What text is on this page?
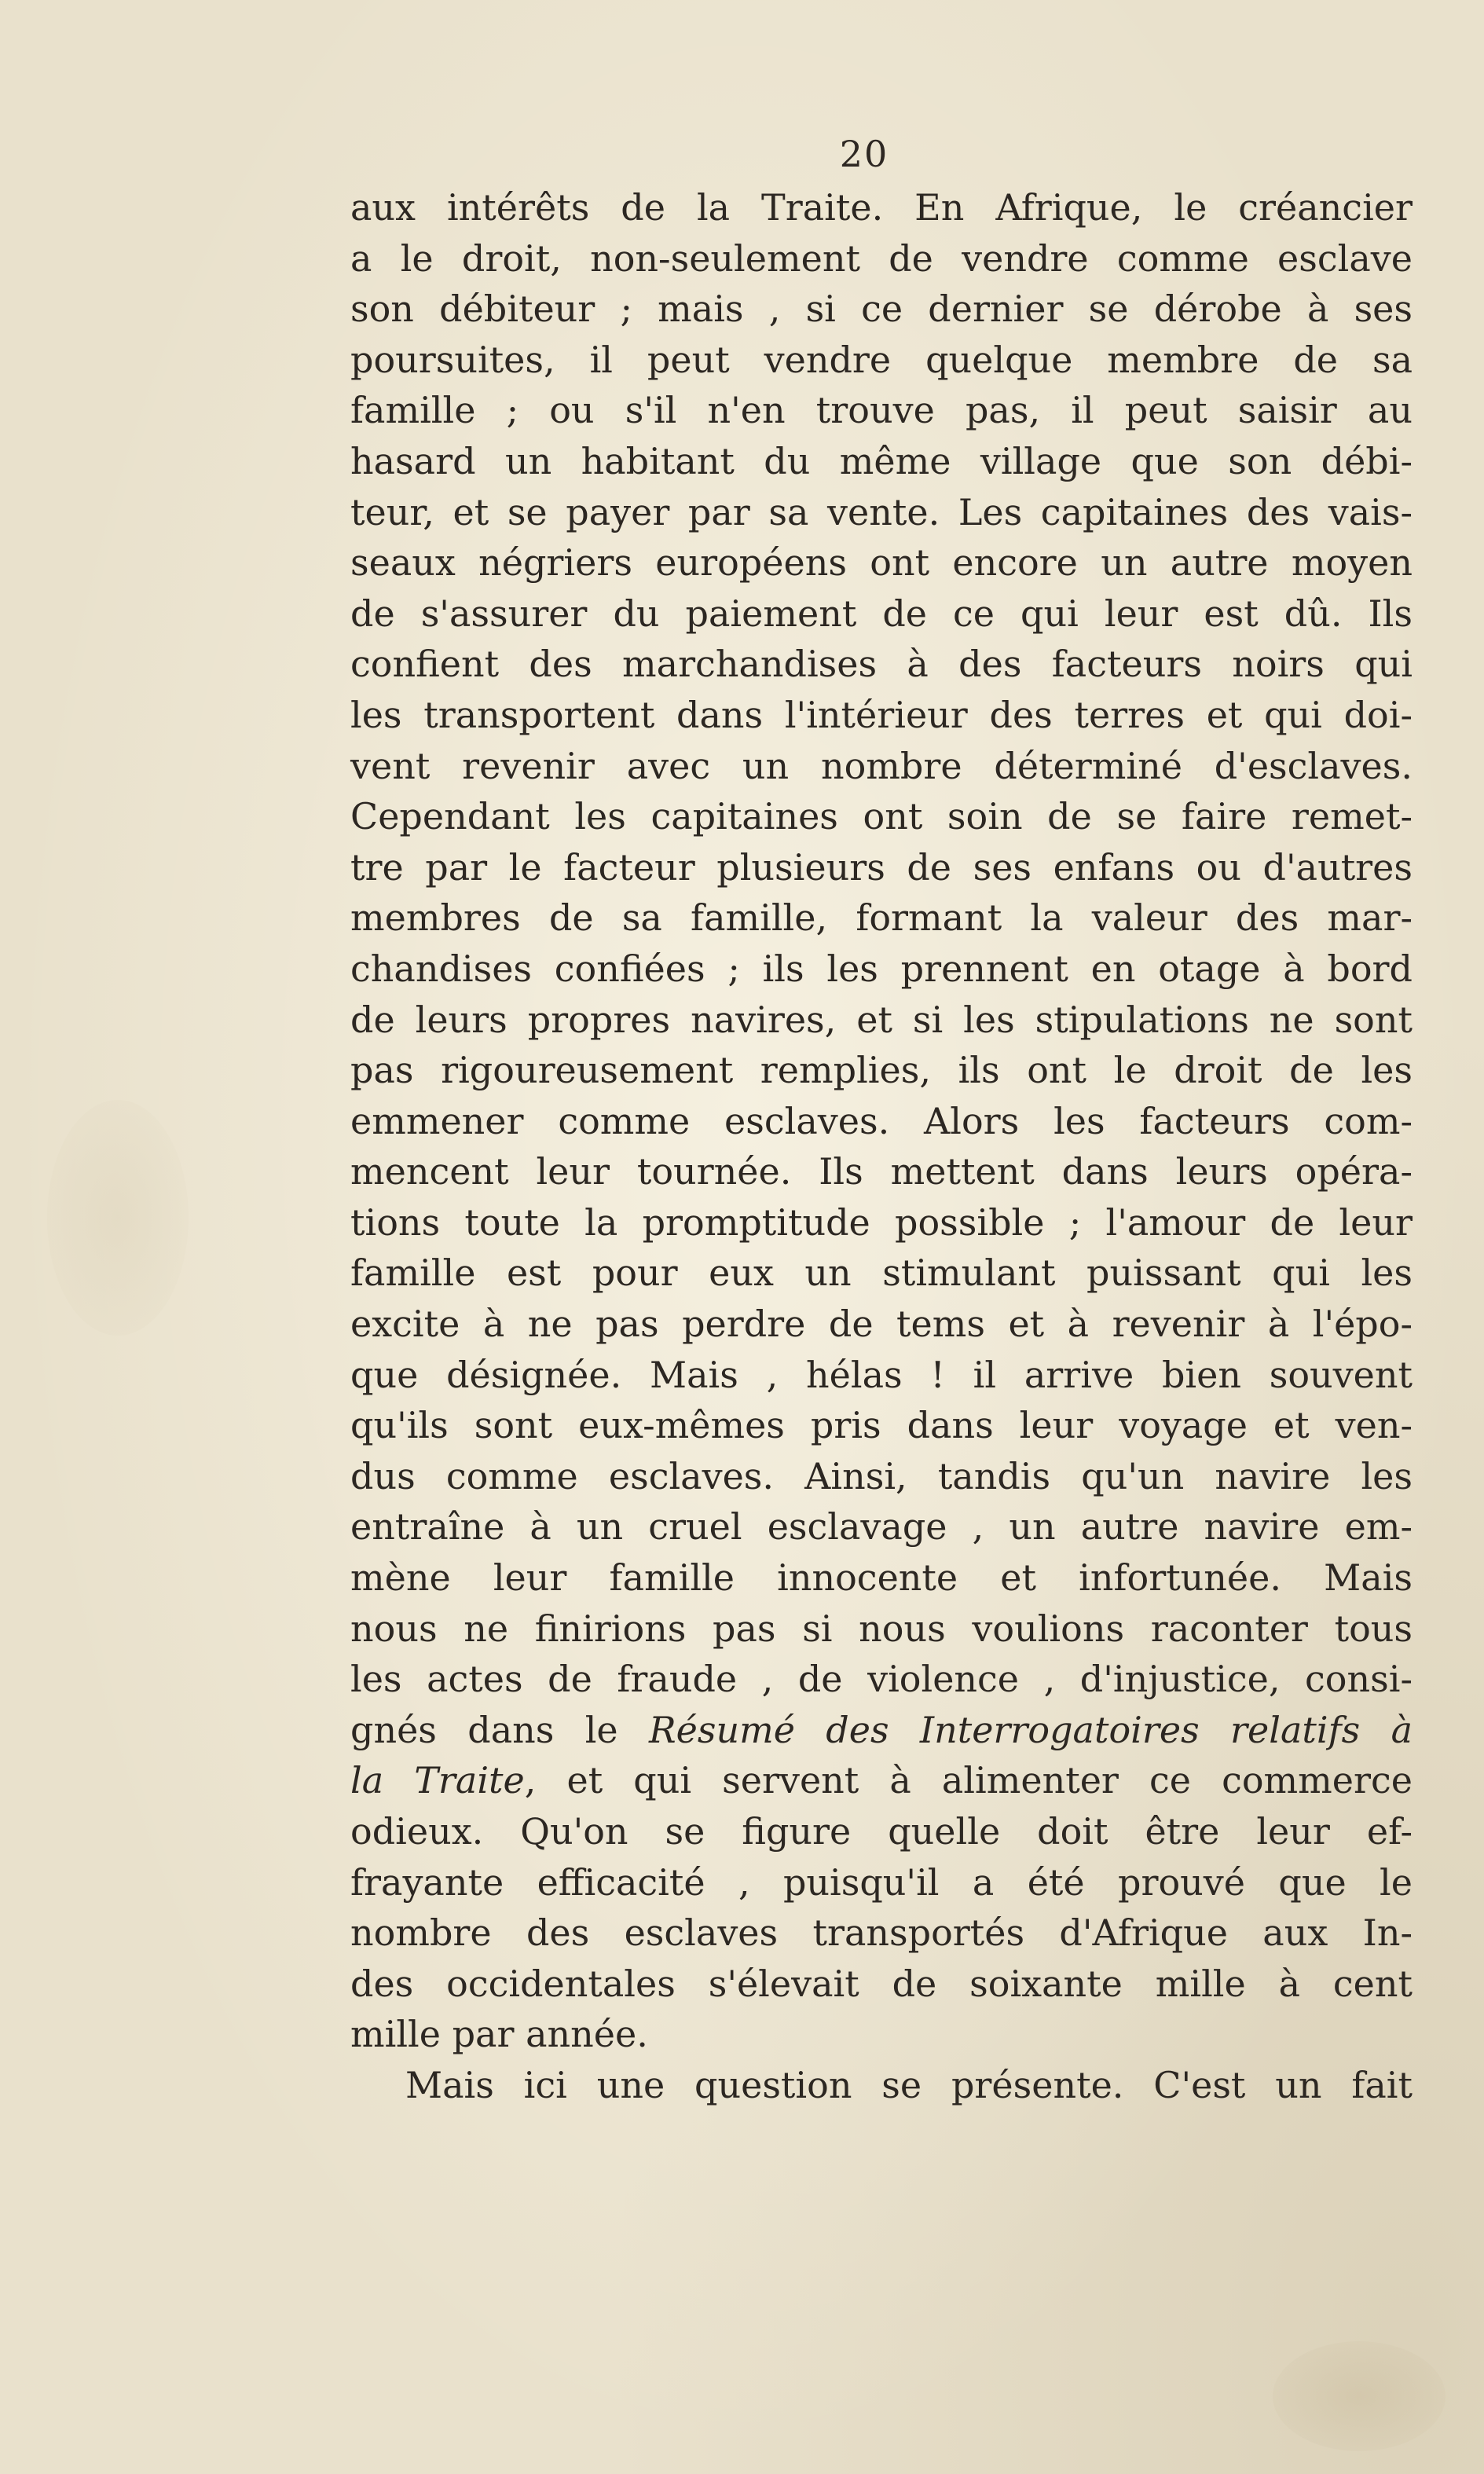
20
aux intérêts de la Traite. En Afrique, le créancier
a le droit, non-seulement de vendre comme esclave
son débiteur ; mais , si ce dernier se dérobe à ses
poursuites, il peut vendre quelque membre de sa
famille ; ou s'il n'en trouve pas, il peut saisir au
hasard un habitant du même village que son débi-
teur, et se payer par sa vente. Les capitaines des vais-
seaux négriers européens ont encore un autre moyen
de s'assurer du paiement de ce qui leur est dû. Ils
confient des marchandises à des facteurs noirs qui
les transportent dans l'intérieur des terres et qui doi-
vent revenir avec un nombre déterminé d'esclaves.
Cependant les capitaines ont soin de se faire remet-
tre par le facteur plusieurs de ses enfans ou d'autres
membres de sa famille, formant la valeur des mar-
chandises confiées ; ils les prennent en otage à bord
de leurs propres navires, et si les stipulations ne sont
pas rigoureusement remplies, ils ont le droit de les
emmener comme esclaves. Alors les facteurs com-
mencent leur tournée. Ils mettent dans leurs opéra-
tions toute la promptitude possible ; l'amour de leur
famille est pour eux un stimulant puissant qui les
excite à ne pas perdre de tems et à revenir à l'épo-
que désignée. Mais , hélas ! il arrive bien souvent
qu'ils sont eux-mêmes pris dans leur voyage et ven-
dus comme esclaves. Ainsi, tandis qu'un navire les
entraîne à un cruel esclavage , un autre navire em-
mène leur famille innocente et infortunée. Mais
nous ne finirions pas si nous voulions raconter tous
les actes de fraude , de violence , d'injustice, consi-
gnés dans le Résumé des Interrogatoires relatifs à
la Traite, et qui servent à alimenter ce commerce
odieux. Qu'on se figure quelle doit être leur ef-
frayante efficacité , puisqu'il a été prouvé que le
nombre des esclaves transportés d'Afrique aux In-
des occidentales s'élevait de soixante mille à cent
mille par année.
Mais ici une question se présente. C'est un fait
